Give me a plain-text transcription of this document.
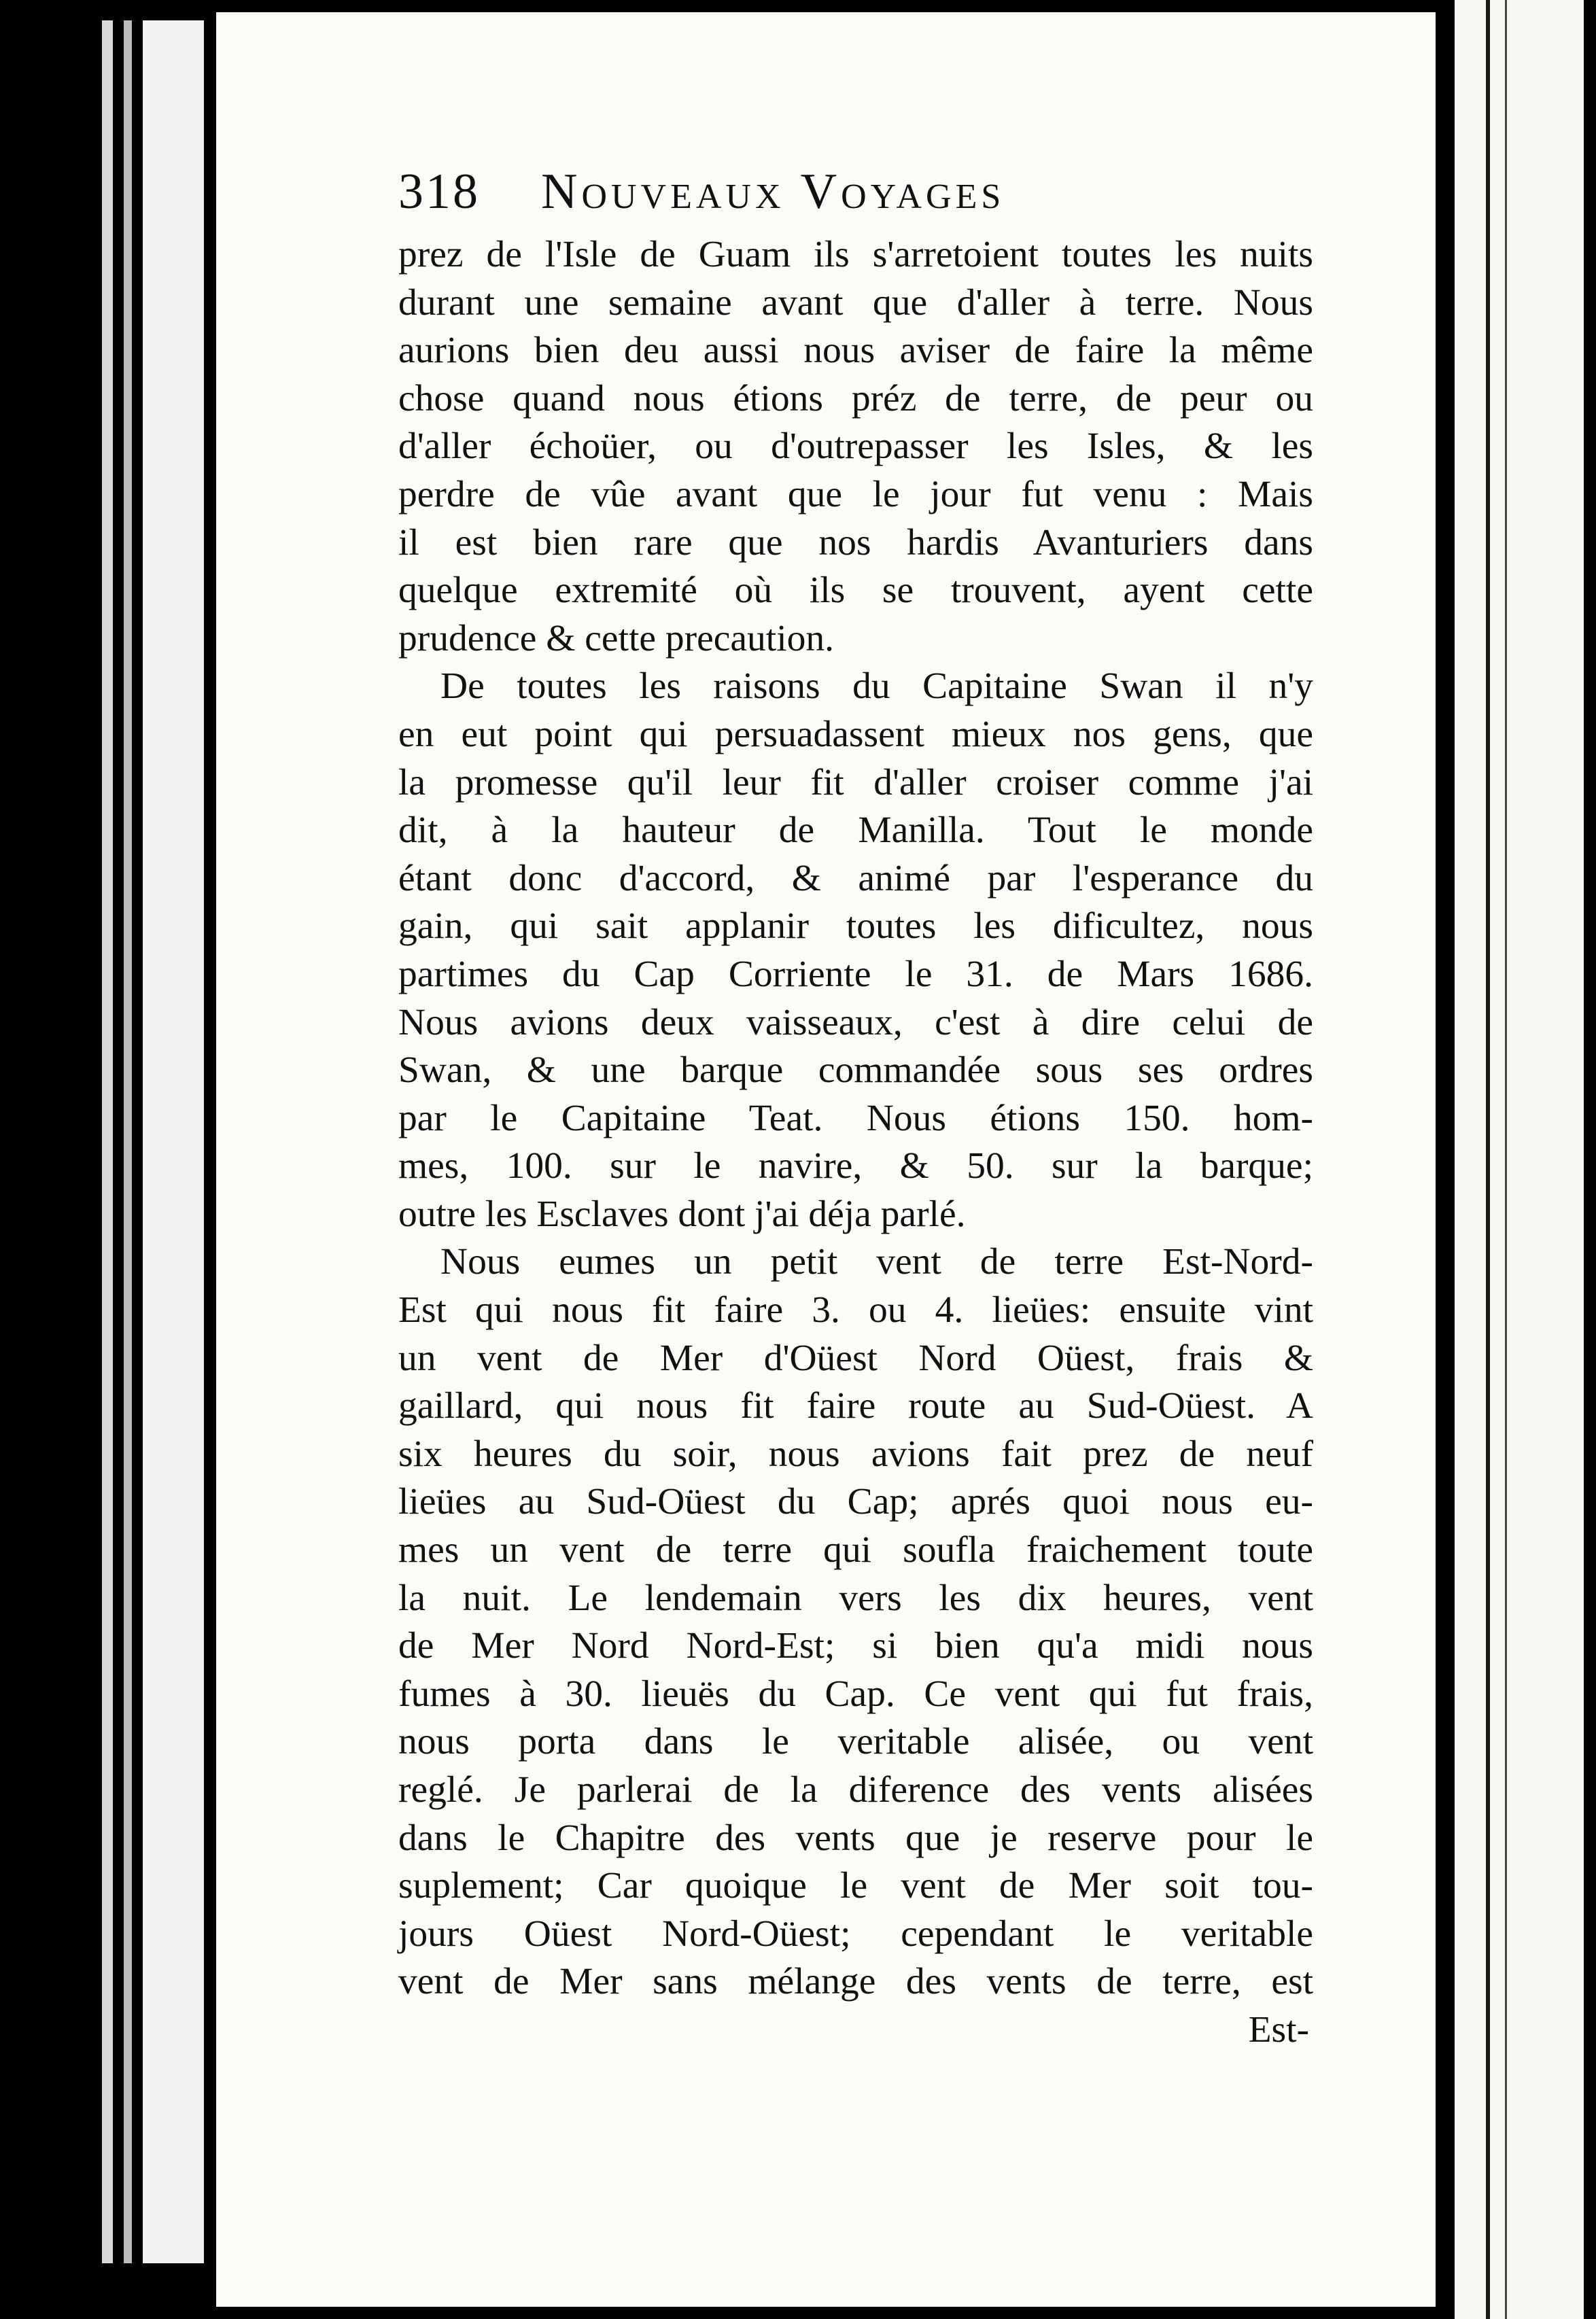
318	Nouveaux Voyages
prez de l'Isle de Guam ils s'arretoient toutes les nuits
durant une semaine avant que d'aller à terre. Nous
aurions bien deu aussi nous aviser de faire la même
chose quand nous étions préz de terre, de peur ou
d'aller échoüer, ou d'outrepasser les Isles, & les
perdre de vûe avant que le jour fut venu : Mais
il est bien rare que nos hardis Avanturiers dans
quelque extremité où ils se trouvent, ayent cette
prudence & cette precaution.
De toutes les raisons du Capitaine Swan il n'y
en eut point qui persuadassent mieux nos gens, que
la promesse qu'il leur fit d'aller croiser comme j'ai
dit, à la hauteur de Manilla. Tout le monde
étant donc d'accord, & animé par l'esperance du
gain, qui sait applanir toutes les dificultez, nous
partimes du Cap Corriente le 31. de Mars 1686.
Nous avions deux vaisseaux, c'est à dire celui de
Swan, & une barque commandée sous ses ordres
par le Capitaine Teat. Nous étions 150. hom-
mes, 100. sur le navire, & 50. sur la barque;
outre les Esclaves dont j'ai déja parlé.
Nous eumes un petit vent de terre Est-Nord-
Est qui nous fit faire 3. ou 4. lieües: ensuite vint
un vent de Mer d'Oüest Nord Oüest, frais &
gaillard, qui nous fit faire route au Sud-Oüest. A
six heures du soir, nous avions fait prez de neuf
lieües au Sud-Oüest du Cap; aprés quoi nous eu-
mes un vent de terre qui soufla fraichement toute
la nuit. Le lendemain vers les dix heures, vent
de Mer Nord Nord-Est; si bien qu'a midi nous
fumes à 30. lieuës du Cap. Ce vent qui fut frais,
nous porta dans le veritable alisée, ou vent
reglé. Je parlerai de la diference des vents alisées
dans le Chapitre des vents que je reserve pour le
suplement; Car quoique le vent de Mer soit tou-
jours Oüest Nord-Oüest; cependant le veritable
vent de Mer sans mélange des vents de terre, est
Est-
